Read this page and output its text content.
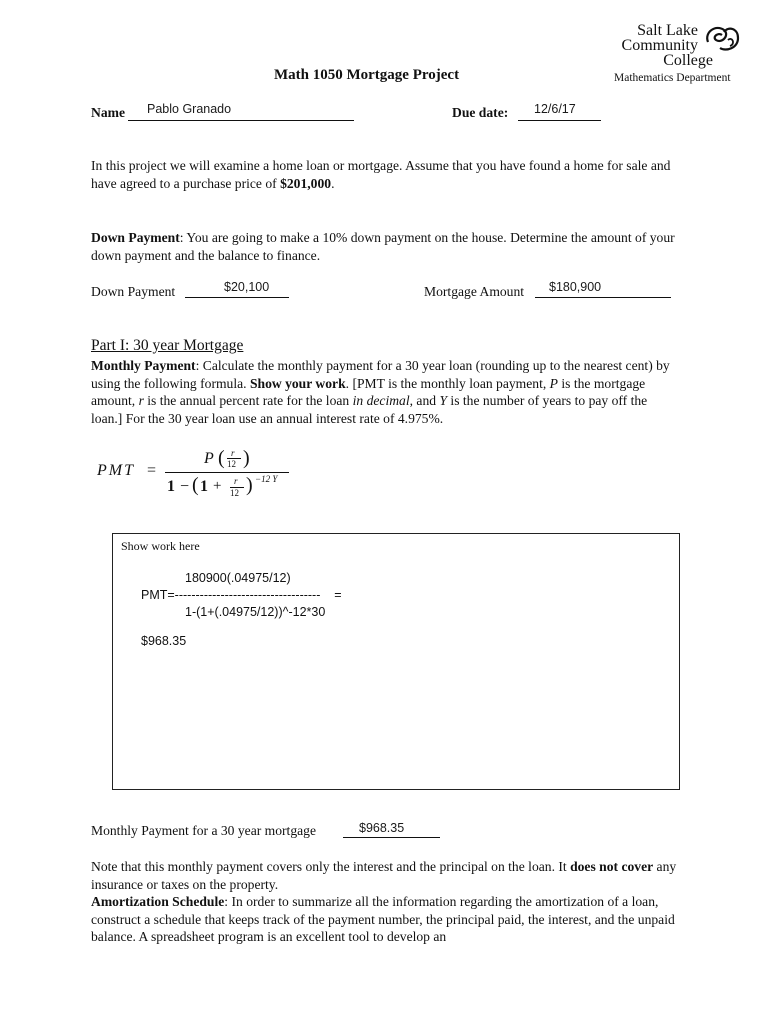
Salt Lake
Community
College
Mathematics Department
Math 1050 Mortgage Project
Name Pablo Granado	Due date: 12/6/17
In this project we will examine a home loan or mortgage. Assume that you have found a home for sale and have agreed to a purchase price of $201,000.
Down Payment: You are going to make a 10% down payment on the house. Determine the amount of your down payment and the balance to finance.
Down Payment	$20,100	Mortgage Amount $180,900
Part I: 30 year Mortgage
Monthly Payment: Calculate the monthly payment for a 30 year loan (rounding up to the nearest cent) by using the following formula. Show your work. [PMT is the monthly loan payment, P is the mortgage amount, r is the annual percent rate for the loan in decimal, and Y is the number of years to pay off the loan.] For the 30 year loan use an annual interest rate of 4.975%.
PMT =
P ( r
12 )
1 − ( 1 + r
12 ) −12 Y
Show work here
180900(.04975/12)
PMT=-----------------------------------    =
1-(1+(.04975/12))^-12*30
$968.35
Monthly Payment for a 30 year mortgage	$968.35
Note that this monthly payment covers only the interest and the principal on the loan. It does not cover any insurance or taxes on the property.
Amortization Schedule: In order to summarize all the information regarding the amortization of a loan, construct a schedule that keeps track of the payment number, the principal paid, the interest, and the unpaid balance. A spreadsheet program is an excellent tool to develop an
